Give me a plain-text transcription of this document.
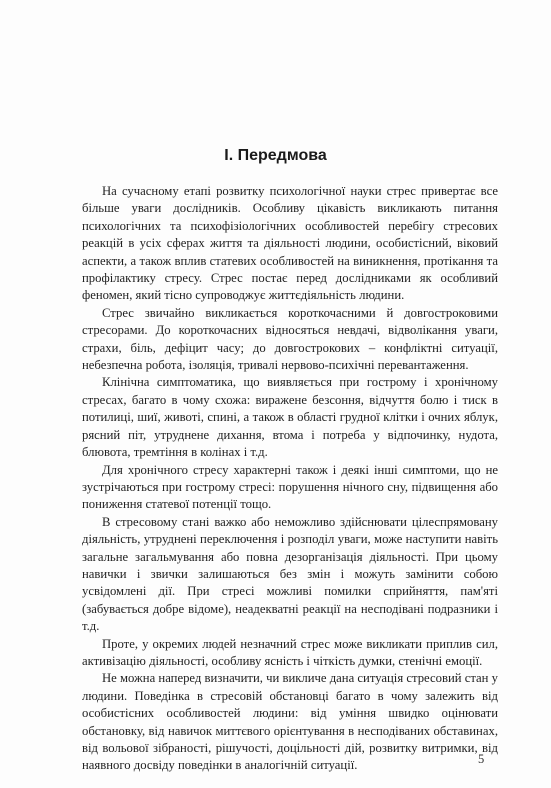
І. Передмова

На сучасному етапі розвитку психологічної науки стрес привертає все більше уваги дослідників. Особливу цікавість викликають питання психологічних та психофізіологічних особливостей перебігу стресових реакцій в усіх сферах життя та діяльності людини, особистісний, віковий аспекти, а також вплив статевих особливостей на виникнення, протікання та профілактику стресу. Стрес постає перед дослідниками як особливий феномен, який тісно супроводжує життєдіяльність людини.

Стрес звичайно викликається короткочасними й довгостроковими стресорами. До короткочасних відносяться невдачі, відволікання уваги, страхи, біль, дефіцит часу; до довгострокових – конфліктні ситуації, небезпечна робота, ізоляція, тривалі нервово-психічні перевантаження.

Клінічна симптоматика, що виявляється при гострому і хронічному стресах, багато в чому схожа: виражене безсоння, відчуття болю і тиск в потилиці, шиї, животі, спині, а також в області грудної клітки і очних яблук, рясний піт, утруднене дихання, втома і потреба у відпочинку, нудота, блювота, тремтіння в колінах і т.д.

Для хронічного стресу характерні також і деякі інші симптоми, що не зустрічаються при гострому стресі: порушення нічного сну, підвищення або пониження статевої потенції тощо.

В стресовому стані важко або неможливо здійснювати цілеспрямовану діяльність, утруднені переключення і розподіл уваги, може наступити навіть загальне загальмування або повна дезорганізація діяльності. При цьому навички і звички залишаються без змін і можуть замінити собою усвідомлені дії. При стресі можливі помилки сприйняття, пам'яті (забувається добре відоме), неадекватні реакції на несподівані подразники і т.д.

Проте, у окремих людей незначний стрес може викликати приплив сил, активізацію діяльності, особливу ясність і чіткість думки, стенічні емоції.

Не можна наперед визначити, чи викличе дана ситуація стресовий стан у людини. Поведінка в стресовій обстановці багато в чому залежить від особистісних особливостей людини: від уміння швидко оцінювати обстановку, від навичок миттєвого орієнтування в несподіваних обставинах, від вольової зібраності, рішучості, доцільності дій, розвитку витримки, від наявного досвіду поведінки в аналогічній ситуації.	5
